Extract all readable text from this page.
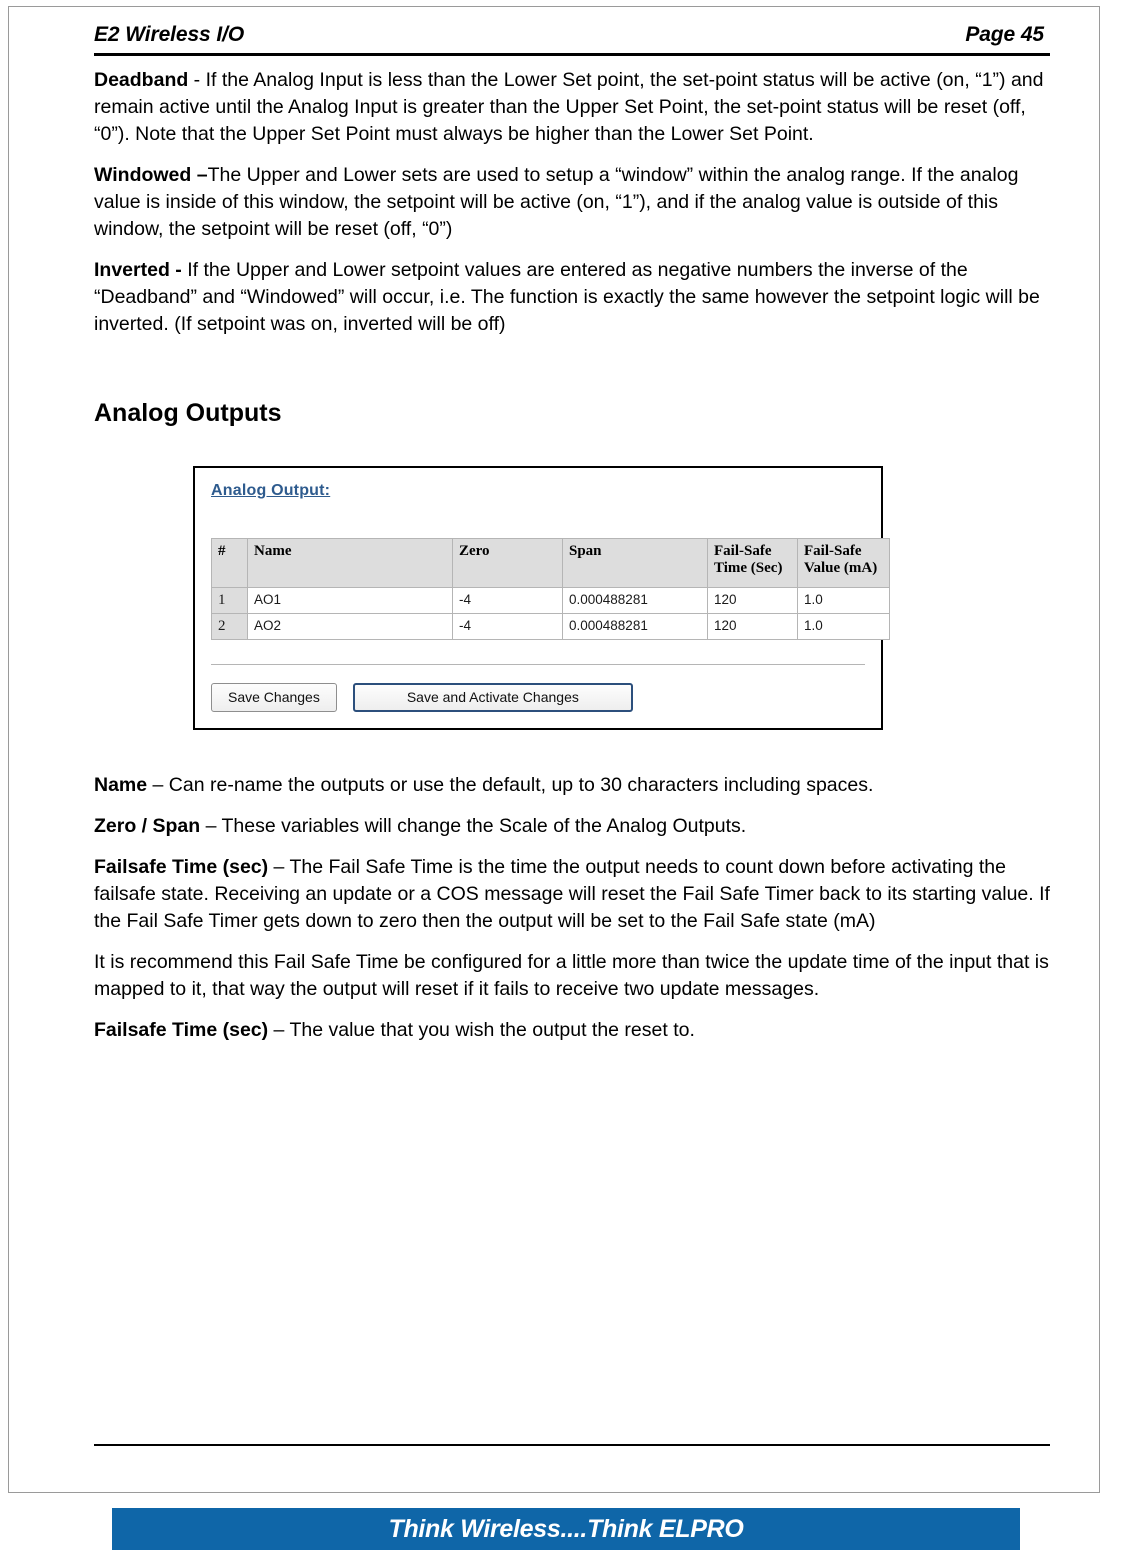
E2 Wireless I/O	Page 45

Deadband - If the Analog Input is less than the Lower Set point, the set-point status will be active (on, “1”) and remain active until the Analog Input is greater than the Upper Set Point, the set-point status will be reset (off, “0”). Note that the Upper Set Point must always be higher than the Lower Set Point.

Windowed –The Upper and Lower sets are used to setup a “window” within the analog range. If the analog value is inside of this window, the setpoint will be active (on, “1”), and if the analog value is outside of this window, the setpoint will be reset (off, “0”)

Inverted - If the Upper and Lower setpoint values are entered as negative numbers the inverse of the “Deadband” and “Windowed” will occur, i.e. The function is exactly the same however the setpoint logic will be inverted. (If setpoint was on, inverted will be off)

Analog Outputs
Analog Output:
#	Name	Zero	Span	Fail-Safe Time (Sec)	Fail-Safe Value (mA)
1	AO1	-4	0.000488281	120	1.0
2	AO2	-4	0.000488281	120	1.0
Save Changes	Save and Activate Changes

Name – Can re-name the outputs or use the default, up to 30 characters including spaces.

Zero / Span – These variables will change the Scale of the Analog Outputs.

Failsafe Time (sec) – The Fail Safe Time is the time the output needs to count down before activating the failsafe state. Receiving an update or a COS message will reset the Fail Safe Timer back to its starting value. If the Fail Safe Timer gets down to zero then the output will be set to the Fail Safe state (mA)

It is recommend this Fail Safe Time be configured for a little more than twice the update time of the input that is mapped to it, that way the output will reset if it fails to receive two update messages.

Failsafe Time (sec) – The value that you wish the output the reset to.

Think Wireless....Think ELPRO
